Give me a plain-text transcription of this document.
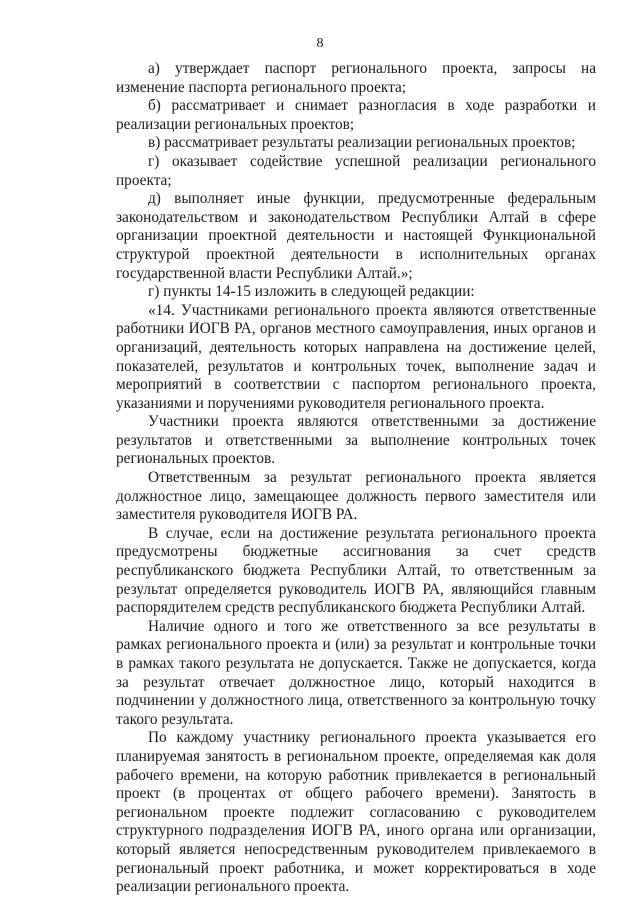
8

а) утверждает паспорт регионального проекта, запросы на изменение паспорта регионального проекта;

б) рассматривает и снимает разногласия в ходе разработки и реализации региональных проектов;

в) рассматривает результаты реализации региональных проектов;

г) оказывает содействие успешной реализации регионального проекта;

д) выполняет иные функции, предусмотренные федеральным законодательством и законодательством Республики Алтай в сфере организации проектной деятельности и настоящей Функциональной структурой проектной деятельности в исполнительных органах государственной власти Республики Алтай.»;

г) пункты 14-15 изложить в следующей редакции:

«14. Участниками регионального проекта являются ответственные работники ИОГВ РА, органов местного самоуправления, иных органов и организаций, деятельность которых направлена на достижение целей, показателей, результатов и контрольных точек, выполнение задач и мероприятий в соответствии с паспортом регионального проекта, указаниями и поручениями руководителя регионального проекта.

Участники проекта являются ответственными за достижение результатов и ответственными за выполнение контрольных точек региональных проектов.

Ответственным за результат регионального проекта является должностное лицо, замещающее должность первого заместителя или заместителя руководителя ИОГВ РА.

В случае, если на достижение результата регионального проекта предусмотрены бюджетные ассигнования за счет средств республиканского бюджета Республики Алтай, то ответственным за результат определяется руководитель ИОГВ РА, являющийся главным распорядителем средств республиканского бюджета Республики Алтай.

Наличие одного и того же ответственного за все результаты в рамках регионального проекта и (или) за результат и контрольные точки в рамках такого результата не допускается. Также не допускается, когда за результат отвечает должностное лицо, который находится в подчинении у должностного лица, ответственного за контрольную точку такого результата.

По каждому участнику регионального проекта указывается его планируемая занятость в региональном проекте, определяемая как доля рабочего времени, на которую работник привлекается в региональный проект (в процентах от общего рабочего времени). Занятость в региональном проекте подлежит согласованию с руководителем структурного подразделения ИОГВ РА, иного органа или организации, который является непосредственным руководителем привлекаемого в региональный проект работника, и может корректироваться в ходе реализации регионального проекта.
